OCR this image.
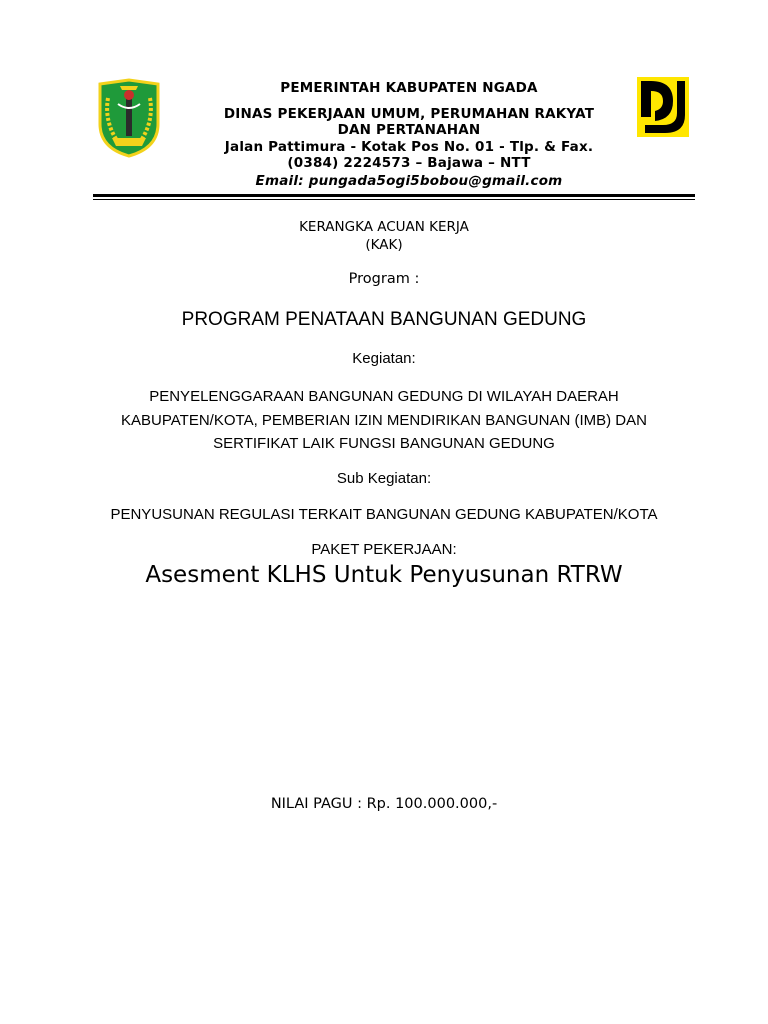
PEMERINTAH KABUPATEN NGADA
DINAS PEKERJAAN UMUM, PERUMAHAN RAKYAT
DAN PERTANAHAN
Jalan Pattimura - Kotak Pos No. 01 - Tlp. & Fax.
(0384) 2224573 – Bajawa – NTT
Email: pungada5ogi5bobou@gmail.com
KERANGKA ACUAN KERJA
(KAK)
Program :
PROGRAM PENATAAN BANGUNAN GEDUNG
Kegiatan:
PENYELENGGARAAN BANGUNAN GEDUNG DI WILAYAH DAERAH
KABUPATEN/KOTA, PEMBERIAN IZIN MENDIRIKAN BANGUNAN (IMB) DAN
SERTIFIKAT LAIK FUNGSI BANGUNAN GEDUNG
Sub Kegiatan:
PENYUSUNAN REGULASI TERKAIT BANGUNAN GEDUNG KABUPATEN/KOTA
PAKET PEKERJAAN:
Asesment KLHS Untuk Penyusunan RTRW
NILAI PAGU : Rp. 100.000.000,-
